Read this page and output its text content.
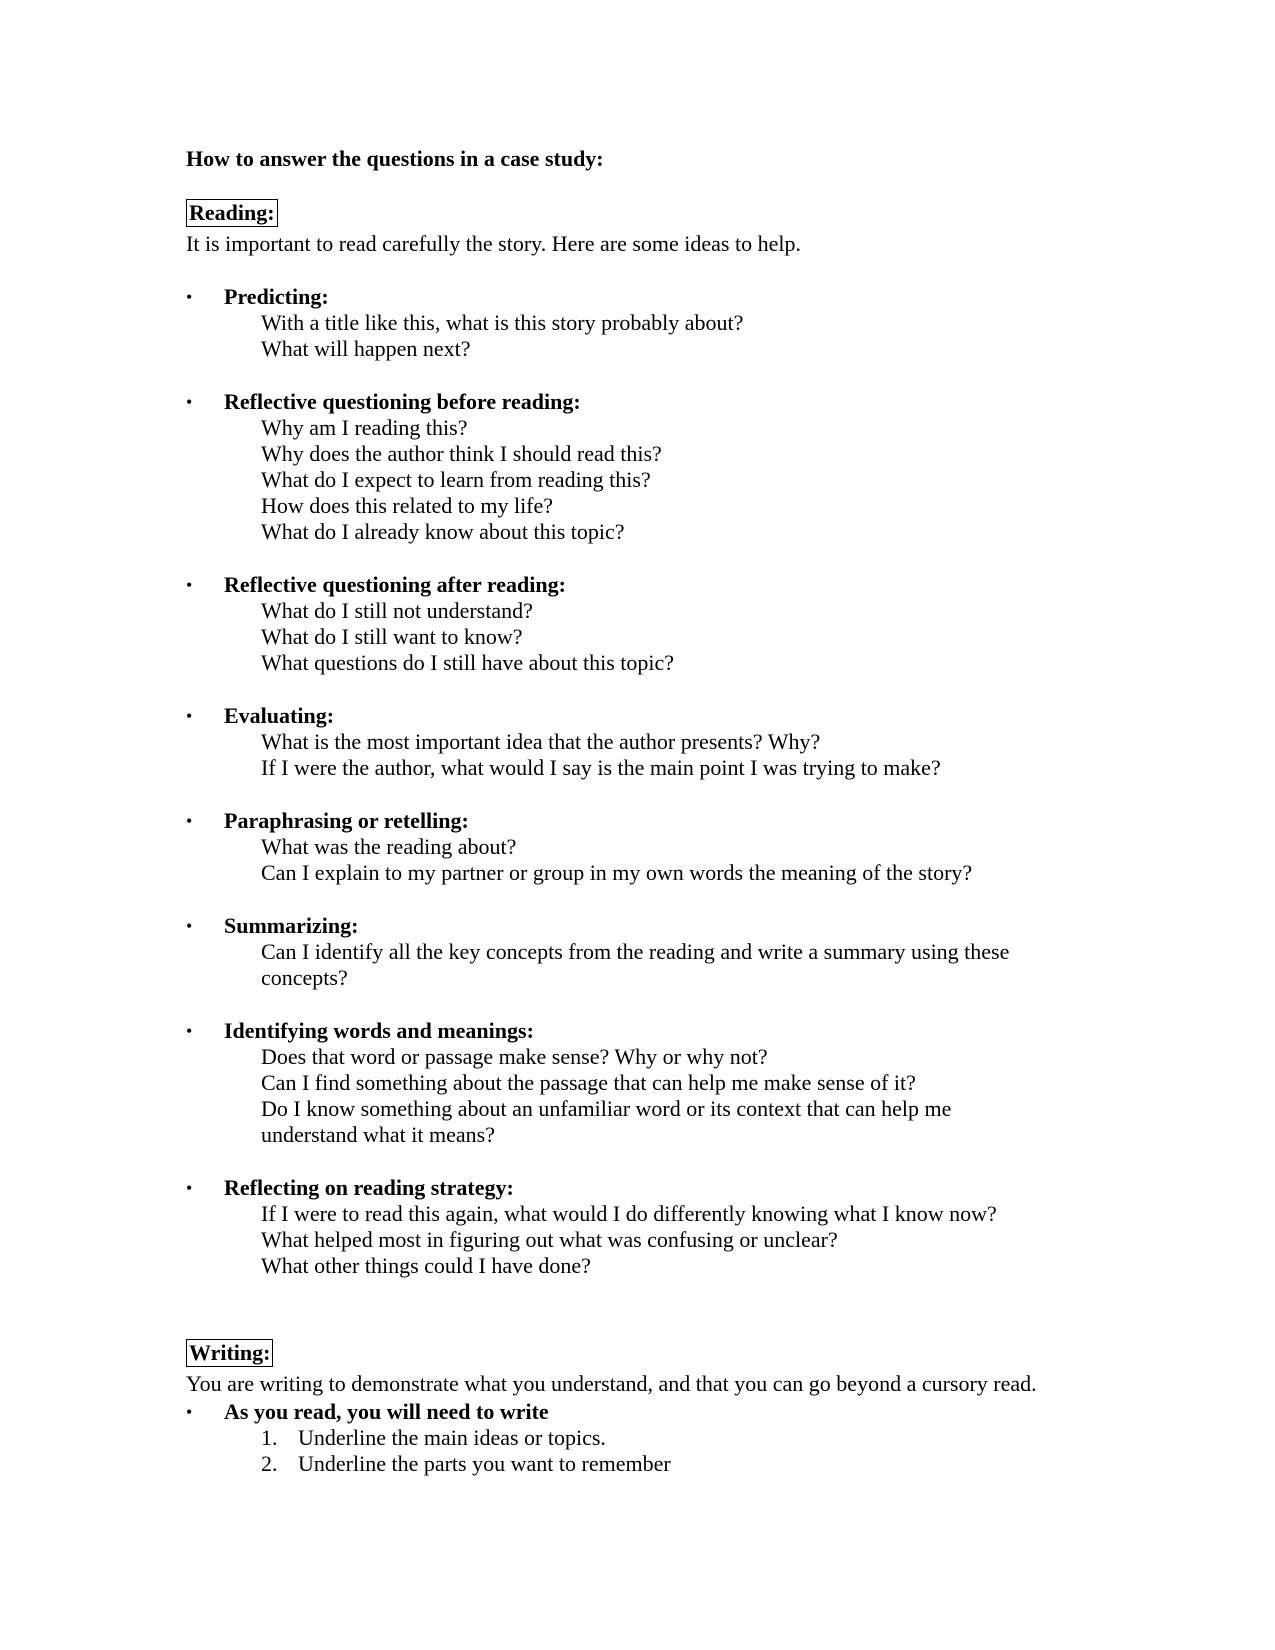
How to answer the questions in a case study:
Reading:
It is important to read carefully the story. Here are some ideas to help.
• Predicting:
With a title like this, what is this story probably about?
What will happen next?
• Reflective questioning before reading:
Why am I reading this?
Why does the author think I should read this?
What do I expect to learn from reading this?
How does this related to my life?
What do I already know about this topic?
• Reflective questioning after reading:
What do I still not understand?
What do I still want to know?
What questions do I still have about this topic?
• Evaluating:
What is the most important idea that the author presents? Why?
If I were the author, what would I say is the main point I was trying to make?
• Paraphrasing or retelling:
What was the reading about?
Can I explain to my partner or group in my own words the meaning of the story?
• Summarizing:
Can I identify all the key concepts from the reading and write a summary using these
concepts?
• Identifying words and meanings:
Does that word or passage make sense? Why or why not?
Can I find something about the passage that can help me make sense of it?
Do I know something about an unfamiliar word or its context that can help me
understand what it means?
• Reflecting on reading strategy:
If I were to read this again, what would I do differently knowing what I know now?
What helped most in figuring out what was confusing or unclear?
What other things could I have done?
Writing:
You are writing to demonstrate what you understand, and that you can go beyond a cursory read.
• As you read, you will need to write
1. Underline the main ideas or topics.
2. Underline the parts you want to remember
